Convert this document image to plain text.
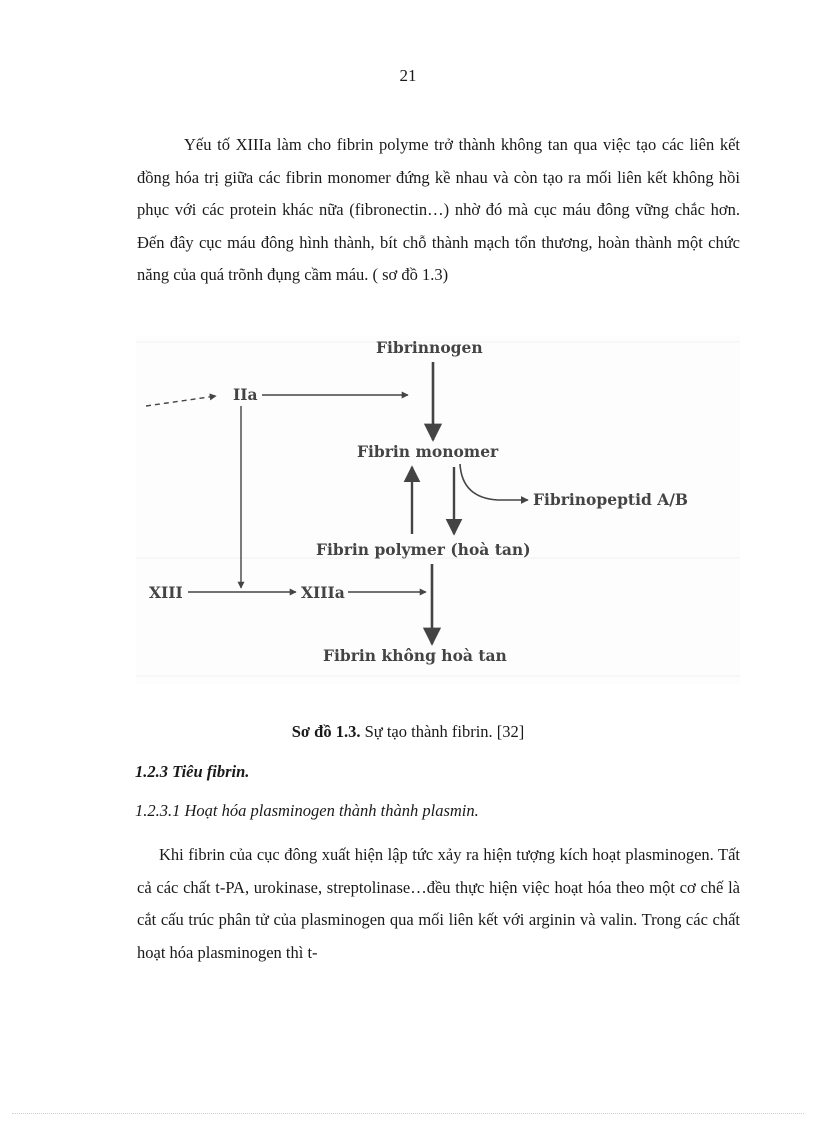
21

Yếu tố XIIIa làm cho fibrin polyme trở thành không tan qua việc tạo các liên kết đồng hóa trị giữa các fibrin monomer đứng kề nhau và còn tạo ra mối liên kết không hồi phục với các protein khác nữa (fibronectin…) nhờ đó mà cục máu đông vững chắc hơn. Đến đây cục máu đông hình thành, bít chỗ thành mạch tổn thương, hoàn thành một chức năng của quá trõnh đụng cầm máu. ( sơ đồ 1.3)

Fibrinnogen
IIa
Fibrin monomer
Fibrinopeptid A/B
Fibrin polymer (hoà tan)
XIII	XIIIa
Fibrin không hoà tan
Sơ đồ 1.3. Sự tạo thành fibrin. [32]
1.2.3 Tiêu fibrin.
1.2.3.1 Hoạt hóa plasminogen thành thành plasmin.

Khi fibrin của cục đông xuất hiện lập tức xảy ra hiện tượng kích hoạt plasminogen. Tất cả các chất t-PA, urokinase, streptolinase…đều thực hiện việc hoạt hóa theo một cơ chế là cắt cấu trúc phân tử của plasminogen qua mối liên kết với arginin và valin. Trong các chất hoạt hóa plasminogen thì t-
